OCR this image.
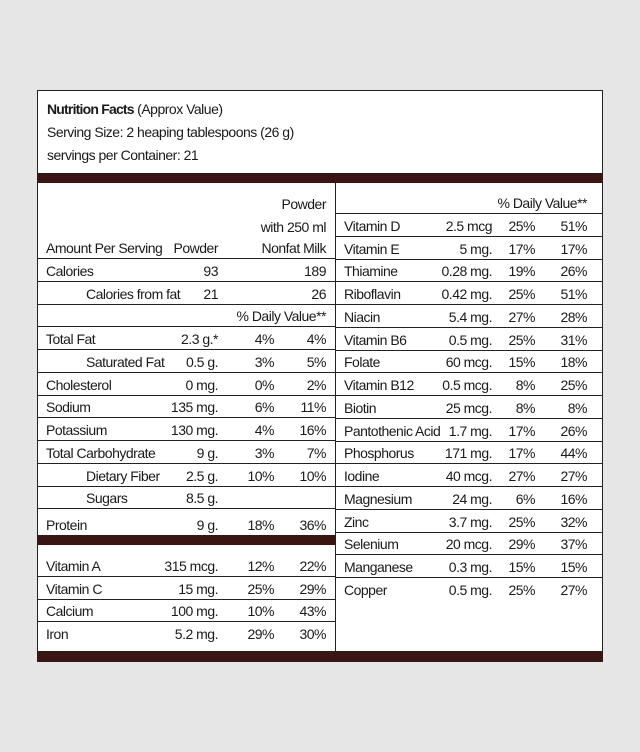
Nutrition Facts (Approx Value)
Serving Size: 2 heaping tablespoons (26 g)
servings per Container: 21
Amount Per Serving Powder	Nonfat Milk
Powder
with 250 ml
Calories	93	189
Calories from fat 21	26
% Daily Value**
Total Fat	2.3 g.*	4% 4%
Saturated Fat 0.5 g.	3% 5%
Cholesterol	0 mg.	0% 2%
Sodium	135 mg.	6% 11%
Potassium	130 mg.	4% 16%
Total Carbohydrate	9 g.	3% 7%
Dietary Fiber 2.5 g. 10% 10%
Sugars	8.5 g.
Protein	9 g. 18% 36%
Vitamin A	315 mcg. 12% 22%
Vitamin C	15 mg. 25% 29%
Calcium	100 mg. 10% 43%
Iron	5.2 mg. 29% 30%
% Daily Value**
Vitamin D	2.5 mcg 25% 51%
Vitamin E	5 mg. 17% 17%
Thiamine	0.28 mg. 19% 26%
Riboflavin	0.42 mg. 25% 51%
Niacin	5.4 mg. 27% 28%
Vitamin B6	0.5 mg. 25% 31%
Folate	60 mcg. 15% 18%
Vitamin B12 0.5 mcg. 8% 25%
Biotin	25 mcg. 8% 8%
Pantothenic Acid 1.7 mg. 17% 26%
Phosphorus 171 mg. 17% 44%
Iodine	40 mcg. 27% 27%
Magnesium	24 mg. 6% 16%
Zinc	3.7 mg. 25% 32%
Selenium	20 mcg. 29% 37%
Manganese	0.3 mg. 15% 15%
Copper	0.5 mg. 25% 27%
